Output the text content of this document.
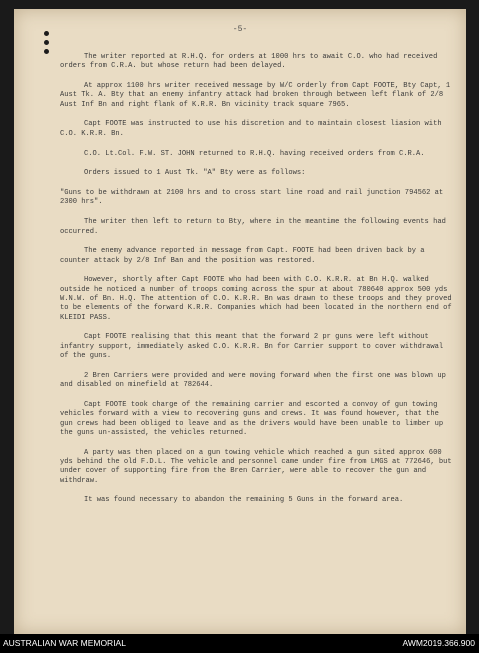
-5-

The writer reported at R.H.Q. for orders at 1000 hrs to await C.O. who had received orders from C.R.A. but whose return had been delayed.

At approx 1100 hrs writer received message by W/C orderly from Capt FOOTE, Bty Capt, 1 Aust Tk. A. Bty that an enemy infantry attack had broken through between left flank of 2/8 Aust Inf Bn and right flank of K.R.R. Bn vicinity track square 7965.

Capt FOOTE was instructed to use his discretion and to maintain closest liasion with C.O. K.R.R. Bn.

C.O. Lt.Col. F.W. ST. JOHN returned to R.H.Q. having received orders from C.R.A.

Orders issued to 1 Aust Tk. "A" Bty were as follows:

"Guns to be withdrawn at 2100 hrs and to cross start line road and rail junction 794562 at 2300 hrs".

The writer then left to return to Bty, where in the meantime the following events had occurred.

The enemy advance reported in message from Capt. FOOTE had been driven back by a counter attack by 2/8 Inf Ban and the position was restored.

However, shortly after Capt FOOTE who had been with C.O. K.R.R. at Bn H.Q. walked outside he noticed a number of troops coming across the spur at about 780640 approx 500 yds W.N.W. of Bn. H.Q. The attention of C.O. K.R.R. Bn was drawn to these troops and they proved to be elements of the forward K.R.R. Companies which had been located in the northern end of KLEIDI PASS.

Capt FOOTE realising that this meant that the forward 2 pr guns were left without infantry support, immediately asked C.O. K.R.R. Bn for Carrier support to cover withdrawal of the guns.

2 Bren Carriers were provided and were moving forward when the first one was blown up and disabled on minefield at 782644.

Capt FOOTE took charge of the remaining carrier and escorted a convoy of gun towing vehicles forward with a view to recovering guns and crews. It was found however, that the gun crews had been obliged to leave and as the drivers would have been unable to limber up the guns un-assisted, the vehicles returned.

A party was then placed on a gun towing vehicle which reached a gun sited approx 600 yds behind the old F.D.L. The vehicle and personnel came under fire from LMGS at 772646, but under cover of supporting fire from the Bren Carrier, were able to recover the gun and withdraw.

It was found necessary to abandon the remaining 5 Guns in the forward area.

AUSTRALIAN WAR MEMORIAL	AWM2019.366.900
